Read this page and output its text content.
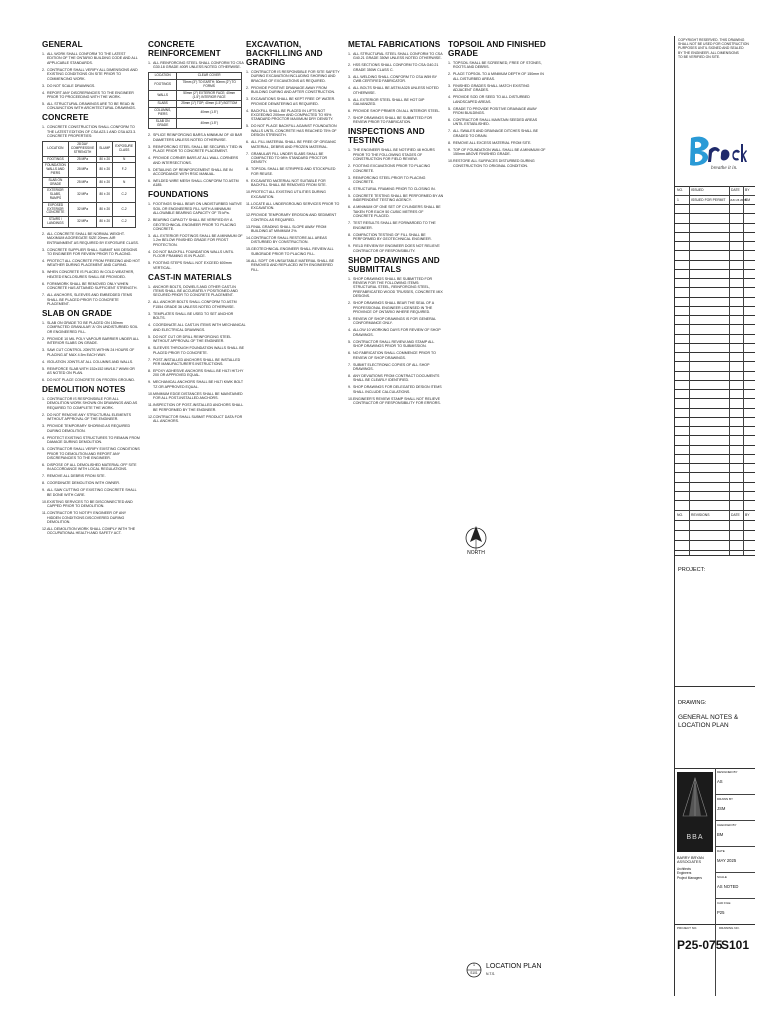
GENERAL
1. ALL WORK SHALL CONFORM TO THE LATEST EDITION OF THE ONTARIO BUILDING CODE AND ALL APPLICABLE STANDARDS.
2. CONTRACTOR SHALL VERIFY ALL DIMENSIONS AND EXISTING CONDITIONS ON SITE PRIOR TO COMMENCING WORK.
3. DO NOT SCALE DRAWINGS.
4. REPORT ANY DISCREPANCIES TO THE ENGINEER PRIOR TO PROCEEDING WITH THE WORK.
5. ALL STRUCTURAL DRAWINGS ARE TO BE READ IN CONJUNCTION WITH ARCHITECTURAL DRAWINGS.
CONCRETE
1. CONCRETE CONSTRUCTION SHALL CONFORM TO THE LATEST EDITION OF CSA A23.1 AND CSA A23.3. CONCRETE PROPERTIES:
LOCATION	28 DAY COMPRESSIVE STRENGTH	SLUMP	EXPOSURE CLASS
FOOTINGS	25 MPa	80 ± 20	N
FOUNDATION WALLS AND PIERS	25 MPa	80 ± 20	F-2
SLAB ON GRADE	25 MPa	80 ± 20	N
EXTERIOR SLABS, RAMPS	32 MPa	80 ± 20	C-2
EXPOSED EXTERIOR CONCRETE	32 MPa	80 ± 20	C-2
STAIRS / LANDINGS	32 MPa	80 ± 20	C-2
2. ALL CONCRETE SHALL BE NORMAL WEIGHT. MAXIMUM AGGREGATE SIZE 20mm. AIR ENTRAINMENT AS REQUIRED BY EXPOSURE CLASS.
3. CONCRETE SUPPLIER SHALL SUBMIT MIX DESIGNS TO ENGINEER FOR REVIEW PRIOR TO PLACING.
4. PROTECT ALL CONCRETE FROM FREEZING AND HOT WEATHER DURING PLACEMENT AND CURING.
5. WHEN CONCRETE IS PLACED IN COLD WEATHER, HEATED ENCLOSURES SHALL BE PROVIDED.
6. FORMWORK SHALL BE REMOVED ONLY WHEN CONCRETE HAS ATTAINED SUFFICIENT STRENGTH.
7. ALL ANCHORS, SLEEVES AND EMBEDDED ITEMS SHALL BE PLACED PRIOR TO CONCRETE PLACEMENT.
SLAB ON GRADE
1. SLAB ON GRADE TO BE PLACED ON 150mm COMPACTED GRANULAR 'A' ON UNDISTURBED SOIL OR ENGINEERED FILL.
2. PROVIDE 10 MIL POLY VAPOUR BARRIER UNDER ALL INTERIOR SLABS ON GRADE.
3. SAW CUT CONTROL JOINTS WITHIN 24 HOURS OF PLACING AT MAX 4.5m EACH WAY.
4. ISOLATION JOINTS AT ALL COLUMNS AND WALLS.
5. REINFORCE SLAB WITH 152x152 MW18.7 WWM OR AS NOTED ON PLAN.
6. DO NOT PLACE CONCRETE ON FROZEN GROUND.
DEMOLITION NOTES
1. CONTRACTOR IS RESPONSIBLE FOR ALL DEMOLITION WORK SHOWN ON DRAWINGS AND AS REQUIRED TO COMPLETE THE WORK.
2. DO NOT REMOVE ANY STRUCTURAL ELEMENTS WITHOUT APPROVAL OF THE ENGINEER.
3. PROVIDE TEMPORARY SHORING AS REQUIRED DURING DEMOLITION.
4. PROTECT EXISTING STRUCTURES TO REMAIN FROM DAMAGE DURING DEMOLITION.
5. CONTRACTOR SHALL VERIFY EXISTING CONDITIONS PRIOR TO DEMOLITION AND REPORT ANY DISCREPANCIES TO THE ENGINEER.
6. DISPOSE OF ALL DEMOLISHED MATERIAL OFF SITE IN ACCORDANCE WITH LOCAL REGULATIONS.
7. REMOVE ALL DEBRIS FROM SITE.
8. COORDINATE DEMOLITION WITH OWNER.
9. ALL SAW CUTTING OF EXISTING CONCRETE SHALL BE DONE WITH CARE.
10. EXISTING SERVICES TO BE DISCONNECTED AND CAPPED PRIOR TO DEMOLITION.
11. CONTRACTOR TO NOTIFY ENGINEER OF ANY HIDDEN CONDITIONS DISCOVERED DURING DEMOLITION.
12. ALL DEMOLITION WORK SHALL COMPLY WITH THE OCCUPATIONAL HEALTH AND SAFETY ACT.
CONCRETE REINFORCEMENT
1. ALL REINFORCING STEEL SHALL CONFORM TO CSA G30.18 GRADE 400R UNLESS NOTED OTHERWISE.
LOCATION	CLEAR COVER
FOOTINGS	75mm (3") TO EARTH; 50mm (2") TO FORMS
WALLS	50mm (2") EXTERIOR FACE; 40mm (1.5") INTERIOR FACE
SLABS	25mm (1") TOP; 40mm (1.5") BOTTOM
COLUMNS, PIERS	40mm (1.5")
SLAB ON GRADE	40mm (1.5")
2. SPLICE REINFORCING BARS A MINIMUM OF 40 BAR DIAMETERS UNLESS NOTED OTHERWISE.
3. REINFORCING STEEL SHALL BE SECURELY TIED IN PLACE PRIOR TO CONCRETE PLACEMENT.
4. PROVIDE CORNER BARS AT ALL WALL CORNERS AND INTERSECTIONS.
5. DETAILING OF REINFORCEMENT SHALL BE IN ACCORDANCE WITH RSIC MANUAL.
6. WELDED WIRE MESH SHALL CONFORM TO ASTM A185.
FOUNDATIONS
1. FOOTINGS SHALL BEAR ON UNDISTURBED NATIVE SOIL OR ENGINEERED FILL WITH A MINIMUM ALLOWABLE BEARING CAPACITY OF 75 kPa.
2. BEARING CAPACITY SHALL BE VERIFIED BY A GEOTECHNICAL ENGINEER PRIOR TO PLACING CONCRETE.
3. ALL EXTERIOR FOOTINGS SHALL BE A MINIMUM OF 1.2m BELOW FINISHED GRADE FOR FROST PROTECTION.
4. DO NOT BACKFILL FOUNDATION WALLS UNTIL FLOOR FRAMING IS IN PLACE.
5. FOOTING STEPS SHALL NOT EXCEED 600mm VERTICAL.
CAST-IN MATERIALS
1. ANCHOR BOLTS, DOWELS AND OTHER CAST-IN ITEMS SHALL BE ACCURATELY POSITIONED AND SECURED PRIOR TO CONCRETE PLACEMENT.
2. ALL ANCHOR BOLTS SHALL CONFORM TO ASTM F1554 GRADE 36 UNLESS NOTED OTHERWISE.
3. TEMPLATES SHALL BE USED TO SET ANCHOR BOLTS.
4. COORDINATE ALL CAST-IN ITEMS WITH MECHANICAL AND ELECTRICAL DRAWINGS.
5. DO NOT CUT OR DRILL REINFORCING STEEL WITHOUT APPROVAL OF THE ENGINEER.
6. SLEEVES THROUGH FOUNDATION WALLS SHALL BE PLACED PRIOR TO CONCRETE.
7. POST-INSTALLED ANCHORS SHALL BE INSTALLED PER MANUFACTURER'S INSTRUCTIONS.
8. EPOXY ADHESIVE ANCHORS SHALL BE HILTI HIT-HY 200 OR APPROVED EQUAL.
9. MECHANICAL ANCHORS SHALL BE HILTI KWIK BOLT TZ OR APPROVED EQUAL.
10. MINIMUM EDGE DISTANCES SHALL BE MAINTAINED FOR ALL POST-INSTALLED ANCHORS.
11. INSPECTION OF POST-INSTALLED ANCHORS SHALL BE PERFORMED BY THE ENGINEER.
12. CONTRACTOR SHALL SUBMIT PRODUCT DATA FOR ALL ANCHORS.
EXCAVATION, BACKFILLING AND GRADING
1. CONTRACTOR IS RESPONSIBLE FOR SITE SAFETY DURING EXCAVATION INCLUDING SHORING AND BRACING OF EXCAVATIONS AS REQUIRED.
2. PROVIDE POSITIVE DRAINAGE AWAY FROM BUILDING DURING AND AFTER CONSTRUCTION.
3. EXCAVATIONS SHALL BE KEPT FREE OF WATER. PROVIDE DEWATERING AS REQUIRED.
4. BACKFILL SHALL BE PLACED IN LIFTS NOT EXCEEDING 200mm AND COMPACTED TO 95% STANDARD PROCTOR MAXIMUM DRY DENSITY.
5. DO NOT PLACE BACKFILL AGAINST FOUNDATION WALLS UNTIL CONCRETE HAS REACHED 75% OF DESIGN STRENGTH.
6. ALL FILL MATERIAL SHALL BE FREE OF ORGANIC MATERIAL, DEBRIS AND FROZEN MATERIAL.
7. GRANULAR FILL UNDER SLABS SHALL BE COMPACTED TO 98% STANDARD PROCTOR DENSITY.
8. TOPSOIL SHALL BE STRIPPED AND STOCKPILED FOR REUSE.
9. EXCAVATED MATERIAL NOT SUITABLE FOR BACKFILL SHALL BE REMOVED FROM SITE.
10. PROTECT ALL EXISTING UTILITIES DURING EXCAVATION.
11. LOCATE ALL UNDERGROUND SERVICES PRIOR TO EXCAVATION.
12. PROVIDE TEMPORARY EROSION AND SEDIMENT CONTROL AS REQUIRED.
13. FINAL GRADING SHALL SLOPE AWAY FROM BUILDING AT MINIMUM 2%.
14. CONTRACTOR SHALL RESTORE ALL AREAS DISTURBED BY CONSTRUCTION.
15. GEOTECHNICAL ENGINEER SHALL REVIEW ALL SUBGRADE PRIOR TO PLACING FILL.
16. ALL SOFT OR UNSUITABLE MATERIAL SHALL BE REMOVED AND REPLACED WITH ENGINEERED FILL.
METAL FABRICATIONS
1. ALL STRUCTURAL STEEL SHALL CONFORM TO CSA G40.21 GRADE 350W UNLESS NOTED OTHERWISE.
2. HSS SECTIONS SHALL CONFORM TO CSA G40.21 GRADE 350W CLASS C.
3. ALL WELDING SHALL CONFORM TO CSA W59 BY CWB CERTIFIED FABRICATOR.
4. ALL BOLTS SHALL BE ASTM A325 UNLESS NOTED OTHERWISE.
5. ALL EXTERIOR STEEL SHALL BE HOT DIP GALVANIZED.
6. PROVIDE SHOP PRIMER ON ALL INTERIOR STEEL.
7. SHOP DRAWINGS SHALL BE SUBMITTED FOR REVIEW PRIOR TO FABRICATION.
INSPECTIONS AND TESTING
1. THE ENGINEER SHALL BE NOTIFIED 48 HOURS PRIOR TO THE FOLLOWING STAGES OF CONSTRUCTION FOR FIELD REVIEW.
2. FOOTING EXCAVATIONS PRIOR TO PLACING CONCRETE.
3. REINFORCING STEEL PRIOR TO PLACING CONCRETE.
4. STRUCTURAL FRAMING PRIOR TO CLOSING IN.
5. CONCRETE TESTING SHALL BE PERFORMED BY AN INDEPENDENT TESTING AGENCY.
6. A MINIMUM OF ONE SET OF CYLINDERS SHALL BE TAKEN FOR EACH 50 CUBIC METRES OF CONCRETE PLACED.
7. TEST RESULTS SHALL BE FORWARDED TO THE ENGINEER.
8. COMPACTION TESTING OF FILL SHALL BE PERFORMED BY GEOTECHNICAL ENGINEER.
9. FIELD REVIEW BY ENGINEER DOES NOT RELIEVE CONTRACTOR OF RESPONSIBILITY.
SHOP DRAWINGS AND SUBMITTALS
1. SHOP DRAWINGS SHALL BE SUBMITTED FOR REVIEW FOR THE FOLLOWING ITEMS: STRUCTURAL STEEL, REINFORCING STEEL, PREFABRICATED WOOD TRUSSES, CONCRETE MIX DESIGNS.
2. SHOP DRAWINGS SHALL BEAR THE SEAL OF A PROFESSIONAL ENGINEER LICENSED IN THE PROVINCE OF ONTARIO WHERE REQUIRED.
3. REVIEW OF SHOP DRAWINGS IS FOR GENERAL CONFORMANCE ONLY.
4. ALLOW 10 WORKING DAYS FOR REVIEW OF SHOP DRAWINGS.
5. CONTRACTOR SHALL REVIEW AND STAMP ALL SHOP DRAWINGS PRIOR TO SUBMISSION.
6. NO FABRICATION SHALL COMMENCE PRIOR TO REVIEW OF SHOP DRAWINGS.
7. SUBMIT ELECTRONIC COPIES OF ALL SHOP DRAWINGS.
8. ANY DEVIATIONS FROM CONTRACT DOCUMENTS SHALL BE CLEARLY IDENTIFIED.
9. SHOP DRAWINGS FOR DELEGATED DESIGN ITEMS SHALL INCLUDE CALCULATIONS.
10. ENGINEER'S REVIEW STAMP SHALL NOT RELIEVE CONTRACTOR OF RESPONSIBILITY FOR ERRORS.
TOPSOIL AND FINISHED GRADE
1. TOPSOIL SHALL BE SCREENED, FREE OF STONES, ROOTS AND DEBRIS.
2. PLACE TOPSOIL TO A MINIMUM DEPTH OF 150mm IN ALL DISTURBED AREAS.
3. FINISHED GRADES SHALL MATCH EXISTING ADJACENT GRADES.
4. PROVIDE SOD OR SEED TO ALL DISTURBED LANDSCAPED AREAS.
5. GRADE TO PROVIDE POSITIVE DRAINAGE AWAY FROM BUILDINGS.
6. CONTRACTOR SHALL MAINTAIN SEEDED AREAS UNTIL ESTABLISHED.
7. ALL SWALES AND DRAINAGE DITCHES SHALL BE GRADED TO DRAIN.
8. REMOVE ALL EXCESS MATERIAL FROM SITE.
9. TOP OF FOUNDATION WALL SHALL BE A MINIMUM OF 150mm ABOVE FINISHED GRADE.
10. RESTORE ALL SURFACES DISTURBED DURING CONSTRUCTION TO ORIGINAL CONDITION.
NORTH
1
S101
LOCATION PLAN
N.T.S.
COPYRIGHT RESERVED. THIS DRAWING
SHALL NOT BE USED FOR CONSTRUCTION
PURPOSES UNTIL SIGNED AND SEALED
BY THE ENGINEER. ALL DIMENSIONS
TO BE VERIFIED ON SITE.
breathe it in.
NO. ISSUED	DATE BY
1	ISSUED FOR PERMIT JUN 26 2025
BM
NO. REVISIONS	DATE BY
PROJECT:
DRAWING:
GENERAL NOTES &
LOCATION PLAN
BBA
BARRY BRYAN
ASSOCIATES
Architects
Engineers
Project Managers
DESIGNED BY
AS
DRAWN BY
JSM
CHECKED BY
BM
DATE
MAY 2025
SCALE
AS NOTED
CAD FILE
P25
PROJECT NO.	DRAWING NO.
P25-075
S101
